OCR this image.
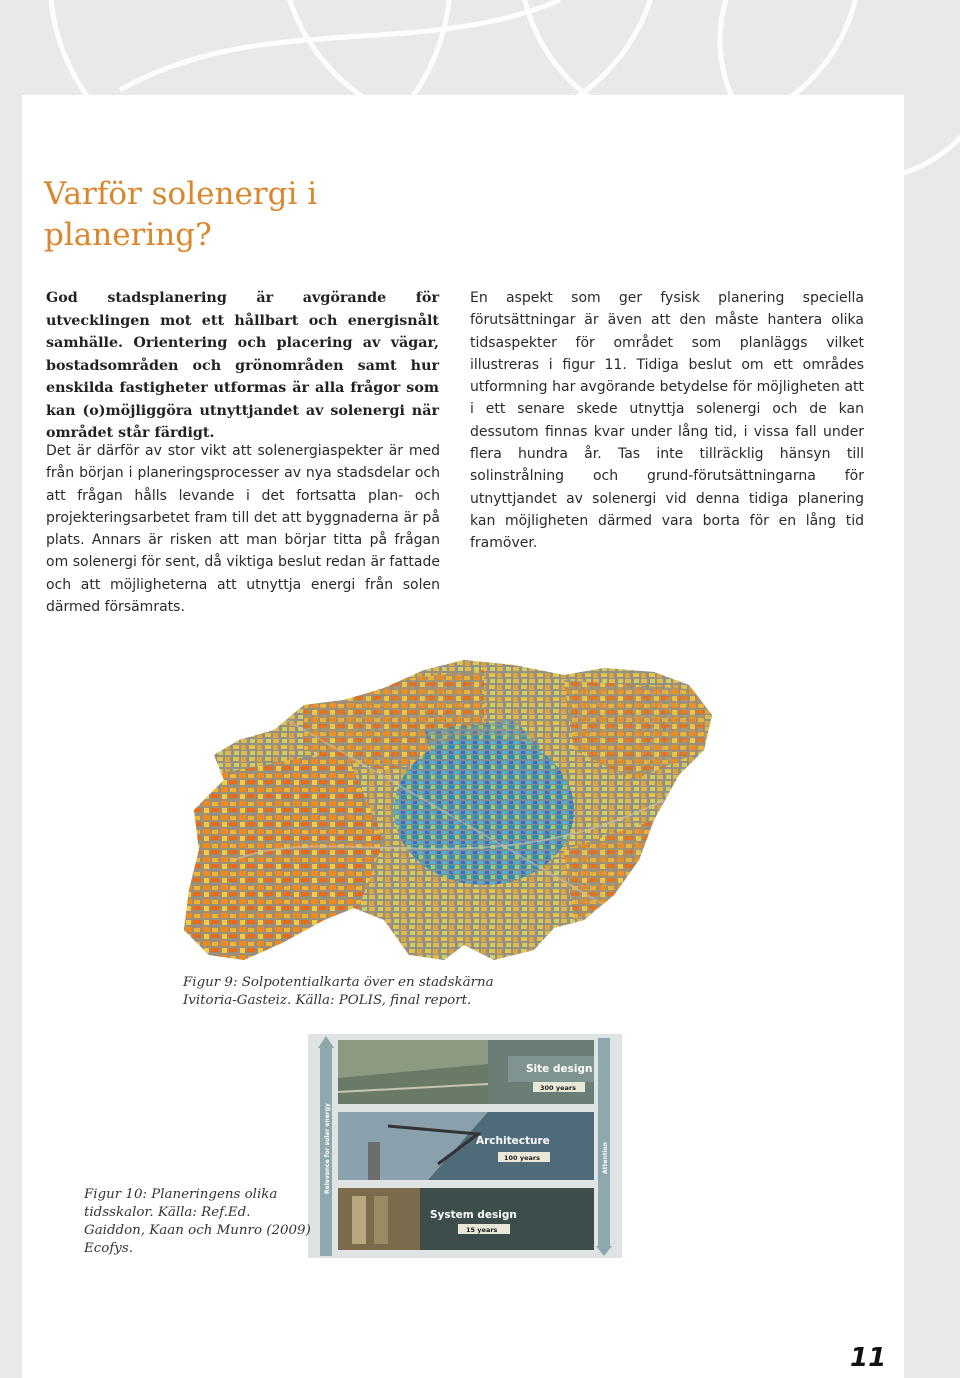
Varför solenergi i
planering?

God stadsplanering är avgörande för utvecklingen mot ett hållbart och energisnålt samhälle. Orientering och placering av vägar, bostadsområden och grönområden samt hur enskilda fastigheter utformas är alla frågor som kan (o)möjliggöra utnyttjandet av solenergi när området står färdigt.

Det är därför av stor vikt att solenergiaspekter är med från början i planeringsprocesser av nya stadsdelar och att frågan hålls levande i det fortsatta plan- och projekteringsarbetet fram till det att byggnaderna är på plats. Annars är risken att man börjar titta på frågan om solenergi för sent, då viktiga beslut redan är fattade och att möjligheterna att utnyttja energi från solen därmed försämrats.

En aspekt som ger fysisk planering speciella förutsättningar är även att den måste hantera olika tidsaspekter för området som planläggs vilket illustreras i figur 11. Tidiga beslut om ett områdes utformning har avgörande betydelse för möjligheten att i ett senare skede utnyttja solenergi och de kan dessutom finnas kvar under lång tid, i vissa fall under flera hundra år. Tas inte tillräcklig hänsyn till solinstrålning och grund-förutsättningarna för utnyttjandet av solenergi vid denna tidiga planering kan möjligheten därmed vara borta för en lång tid framöver.

Figur 9: Solpotentialkarta över en stadskärna Ivitoria-Gasteiz. Källa: POLIS, final report.

Site design
300 years
Architecture
100 years
System design
15 years
Relevance for solar energy	Attention

Figur 10: Planeringens olika tidsskalor. Källa: Ref.Ed. Gaiddon, Kaan och Munro (2009) Ecofys.

11
